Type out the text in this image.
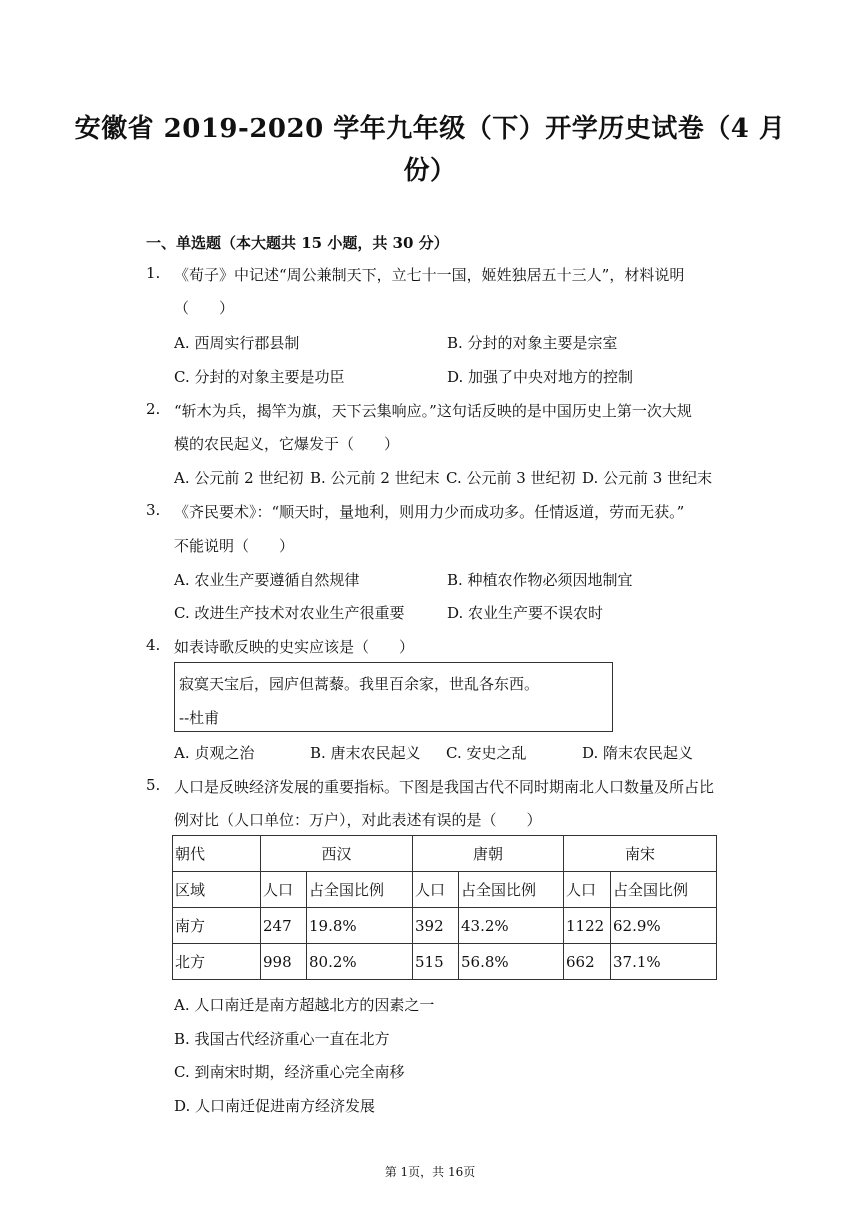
安徽省 2019-2020 学年九年级（下）开学历史试卷（4 月
份）
一、单选题（本大题共 15 小题，共 30 分）
1. 《荀子》中记述“周公兼制天下，立七十一国，姬姓独居五十三人”，材料说明
（　　）
A. 西周实行郡县制	B. 分封的对象主要是宗室
C. 分封的对象主要是功臣	D. 加强了中央对地方的控制
2. “斩木为兵，揭竿为旗，天下云集响应。”这句话反映的是中国历史上第一次大规
模的农民起义，它爆发于（　　）
A. 公元前 2 世纪初 B. 公元前 2 世纪末 C. 公元前 3 世纪初 D. 公元前 3 世纪末
3. 《齐民要术》：“顺天时，量地利，则用力少而成功多。任情返道，劳而无获。”
不能说明（　　）
A. 农业生产要遵循自然规律	B. 种植农作物必须因地制宜
C. 改进生产技术对农业生产很重要	D. 农业生产要不误农时
4. 如表诗歌反映的史实应该是（　　）
寂寞天宝后，园庐但蒿藜。我里百余家，世乱各东西。
--杜甫
A. 贞观之治	B. 唐末农民起义 C. 安史之乱	D. 隋末农民起义
5. 人口是反映经济发展的重要指标。下图是我国古代不同时期南北人口数量及所占比
例对比（人口单位：万户），对此表述有误的是（　　）
朝代	西汉		唐朝		南宋	
区域	人口	占全国比例	人口	占全国比例	人口	占全国比例
南方	247	19.8%	392	43.2%	1122	62.9%
北方	998	80.2%	515	56.8%	662	37.1%
A. 人口南迁是南方超越北方的因素之一
B. 我国古代经济重心一直在北方
C. 到南宋时期，经济重心完全南移
D. 人口南迁促进南方经济发展
第 1页，共 16页
